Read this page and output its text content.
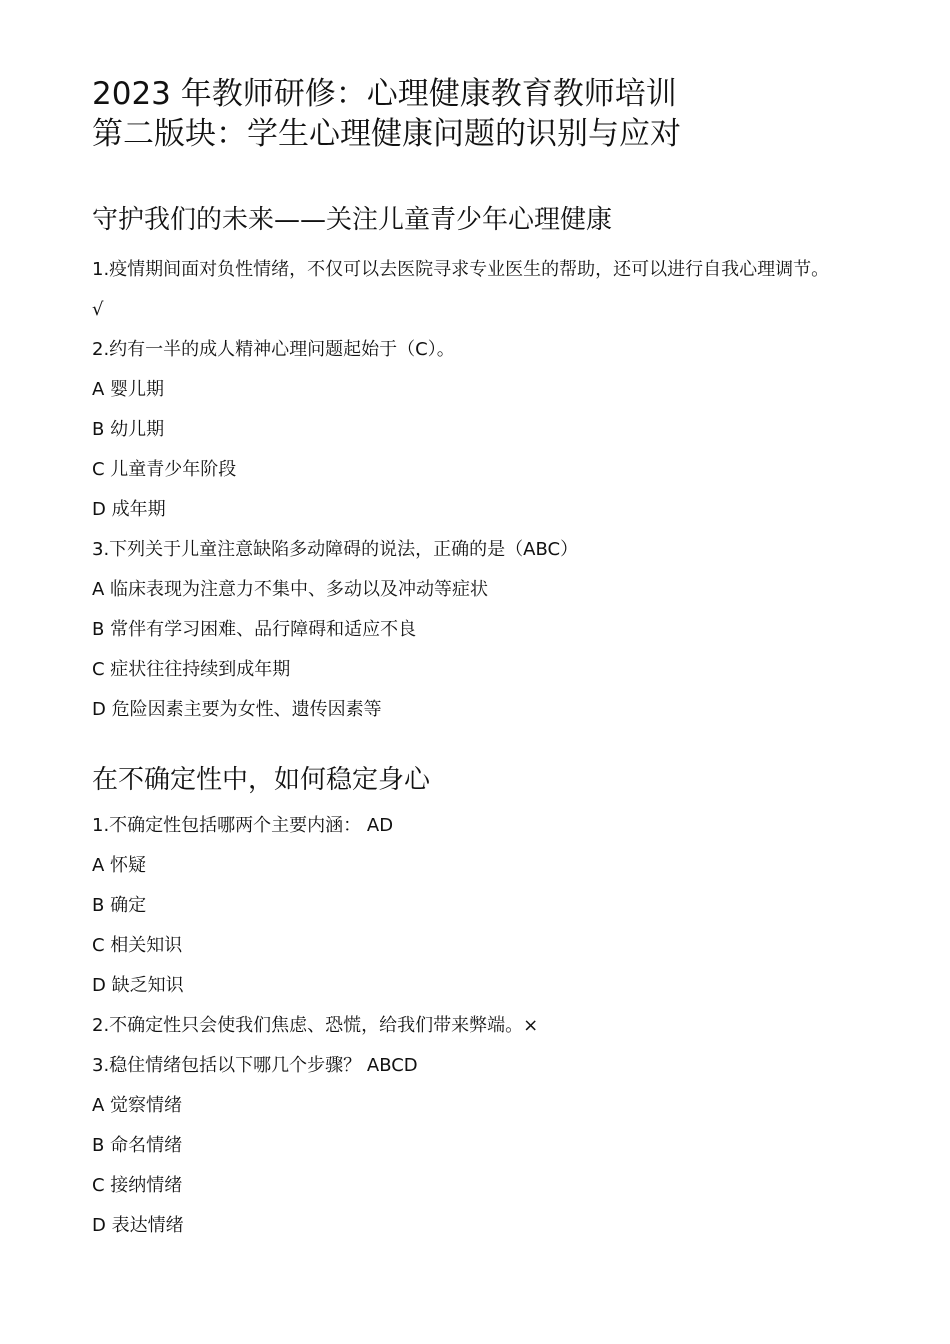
2023 年教师研修：心理健康教育教师培训
第二版块：学生心理健康问题的识别与应对
守护我们的未来——关注儿童青少年心理健康

1.疫情期间面对负性情绪，不仅可以去医院寻求专业医生的帮助，还可以进行自我心理调节。

√

2.约有一半的成人精神心理问题起始于（C）。

A 婴儿期

B 幼儿期

C 儿童青少年阶段

D 成年期

3.下列关于儿童注意缺陷多动障碍的说法，正确的是（ABC）

A 临床表现为注意力不集中、多动以及冲动等症状

B 常伴有学习困难、品行障碍和适应不良

C 症状往往持续到成年期

D 危险因素主要为女性、遗传因素等

在不确定性中，如何稳定身心

1.不确定性包括哪两个主要内涵： AD

A 怀疑

B 确定

C 相关知识

D 缺乏知识

2.不确定性只会使我们焦虑、恐慌，给我们带来弊端。×

3.稳住情绪包括以下哪几个步骤？ ABCD

A 觉察情绪

B 命名情绪

C 接纳情绪

D 表达情绪
